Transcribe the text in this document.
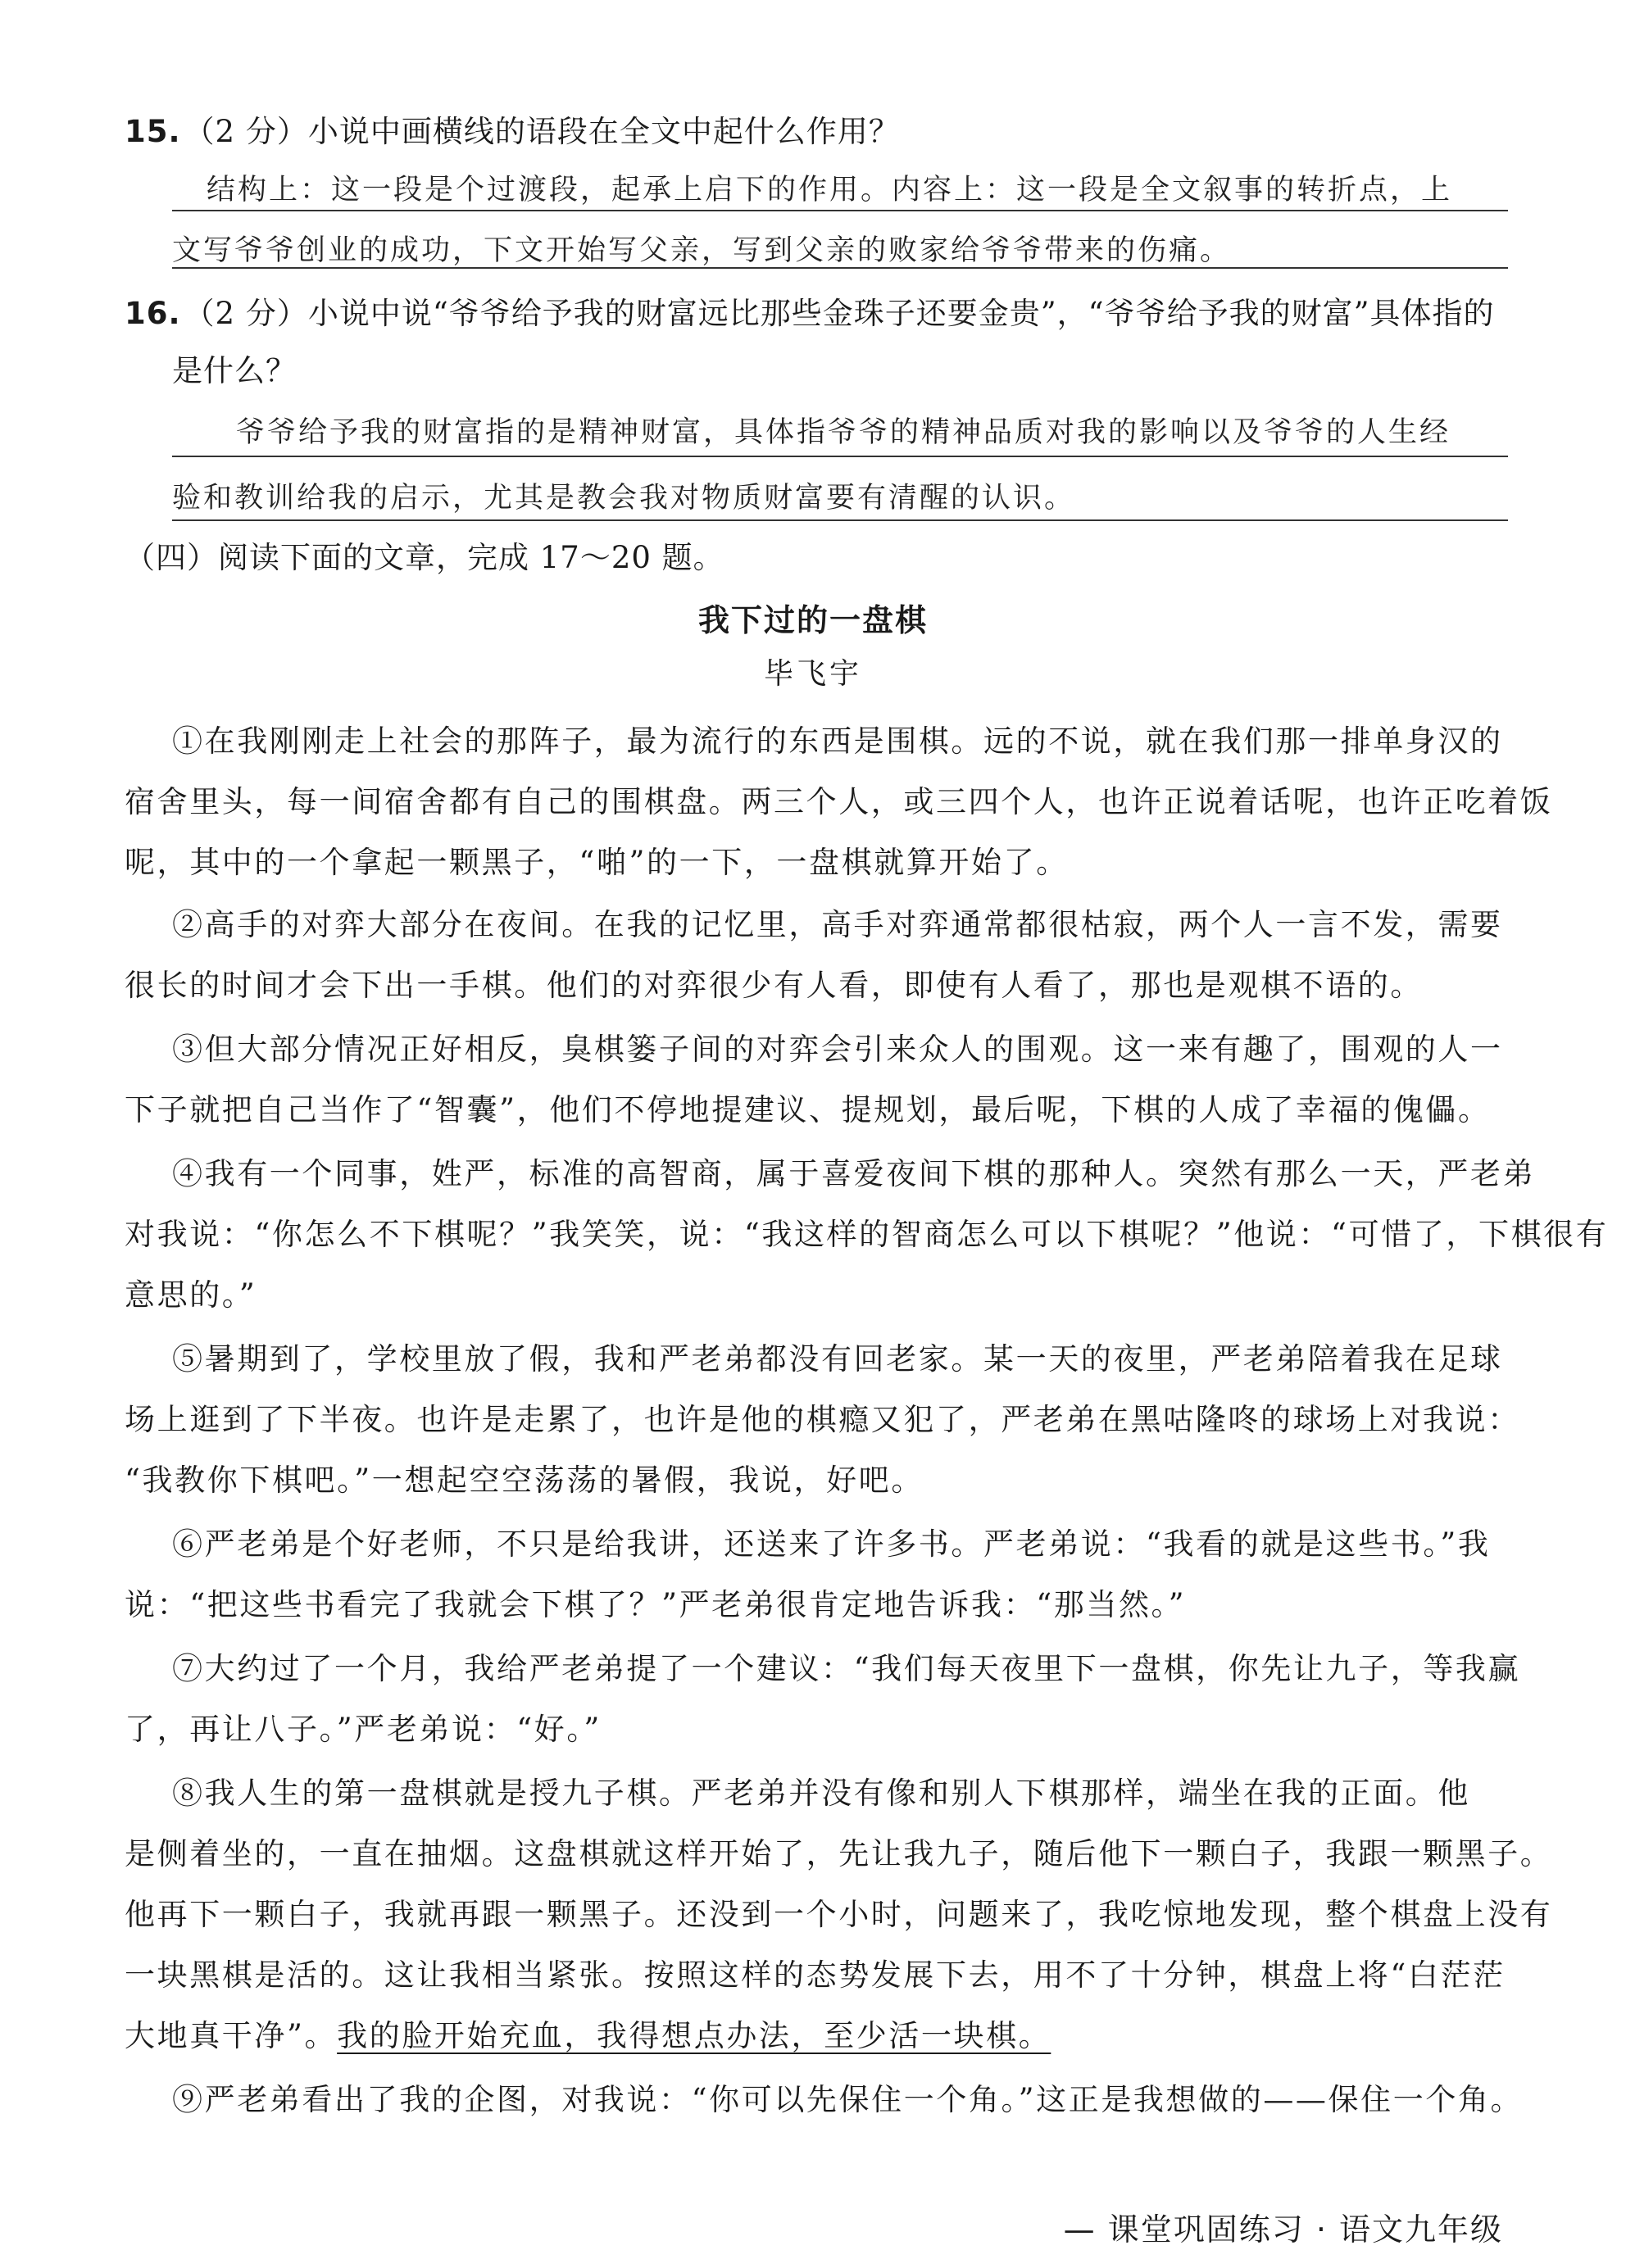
15. （2 分）小说中画横线的语段在全文中起什么作用？
结构上：这一段是个过渡段，起承上启下的作用。内容上：这一段是全文叙事的转折点，上
文写爷爷创业的成功，下文开始写父亲，写到父亲的败家给爷爷带来的伤痛。
16. （2 分）小说中说“爷爷给予我的财富远比那些金珠子还要金贵”，“爷爷给予我的财富”具体指的
是什么？
爷爷给予我的财富指的是精神财富，具体指爷爷的精神品质对我的影响以及爷爷的人生经
验和教训给我的启示，尤其是教会我对物质财富要有清醒的认识。
（四）阅读下面的文章，完成 17～20 题。
我下过的一盘棋
毕飞宇
①在我刚刚走上社会的那阵子，最为流行的东西是围棋。远的不说，就在我们那一排单身汉的
宿舍里头，每一间宿舍都有自己的围棋盘。两三个人，或三四个人，也许正说着话呢，也许正吃着饭
呢，其中的一个拿起一颗黑子，“啪”的一下，一盘棋就算开始了。
②高手的对弈大部分在夜间。在我的记忆里，高手对弈通常都很枯寂，两个人一言不发，需要
很长的时间才会下出一手棋。他们的对弈很少有人看，即使有人看了，那也是观棋不语的。
③但大部分情况正好相反，臭棋篓子间的对弈会引来众人的围观。这一来有趣了，围观的人一
下子就把自己当作了“智囊”，他们不停地提建议、提规划，最后呢，下棋的人成了幸福的傀儡。
④我有一个同事，姓严，标准的高智商，属于喜爱夜间下棋的那种人。突然有那么一天，严老弟
对我说：“你怎么不下棋呢？”我笑笑，说：“我这样的智商怎么可以下棋呢？”他说：“可惜了，下棋很有
意思的。”
⑤暑期到了，学校里放了假，我和严老弟都没有回老家。某一天的夜里，严老弟陪着我在足球
场上逛到了下半夜。也许是走累了，也许是他的棋瘾又犯了，严老弟在黑咕隆咚的球场上对我说：
“我教你下棋吧。”一想起空空荡荡的暑假，我说，好吧。
⑥严老弟是个好老师，不只是给我讲，还送来了许多书。严老弟说：“我看的就是这些书。”我
说：“把这些书看完了我就会下棋了？”严老弟很肯定地告诉我：“那当然。”
⑦大约过了一个月，我给严老弟提了一个建议：“我们每天夜里下一盘棋，你先让九子，等我赢
了，再让八子。”严老弟说：“好。”
⑧我人生的第一盘棋就是授九子棋。严老弟并没有像和别人下棋那样，端坐在我的正面。他
是侧着坐的，一直在抽烟。这盘棋就这样开始了，先让我九子，随后他下一颗白子，我跟一颗黑子。
他再下一颗白子，我就再跟一颗黑子。还没到一个小时，问题来了，我吃惊地发现，整个棋盘上没有
一块黑棋是活的。这让我相当紧张。按照这样的态势发展下去，用不了十分钟，棋盘上将“白茫茫
大地真干净”。我的脸开始充血，我得想点办法，至少活一块棋。
⑨严老弟看出了我的企图，对我说：“你可以先保住一个角。”这正是我想做的——保住一个角。
— 课堂巩固练习 · 语文九年级
